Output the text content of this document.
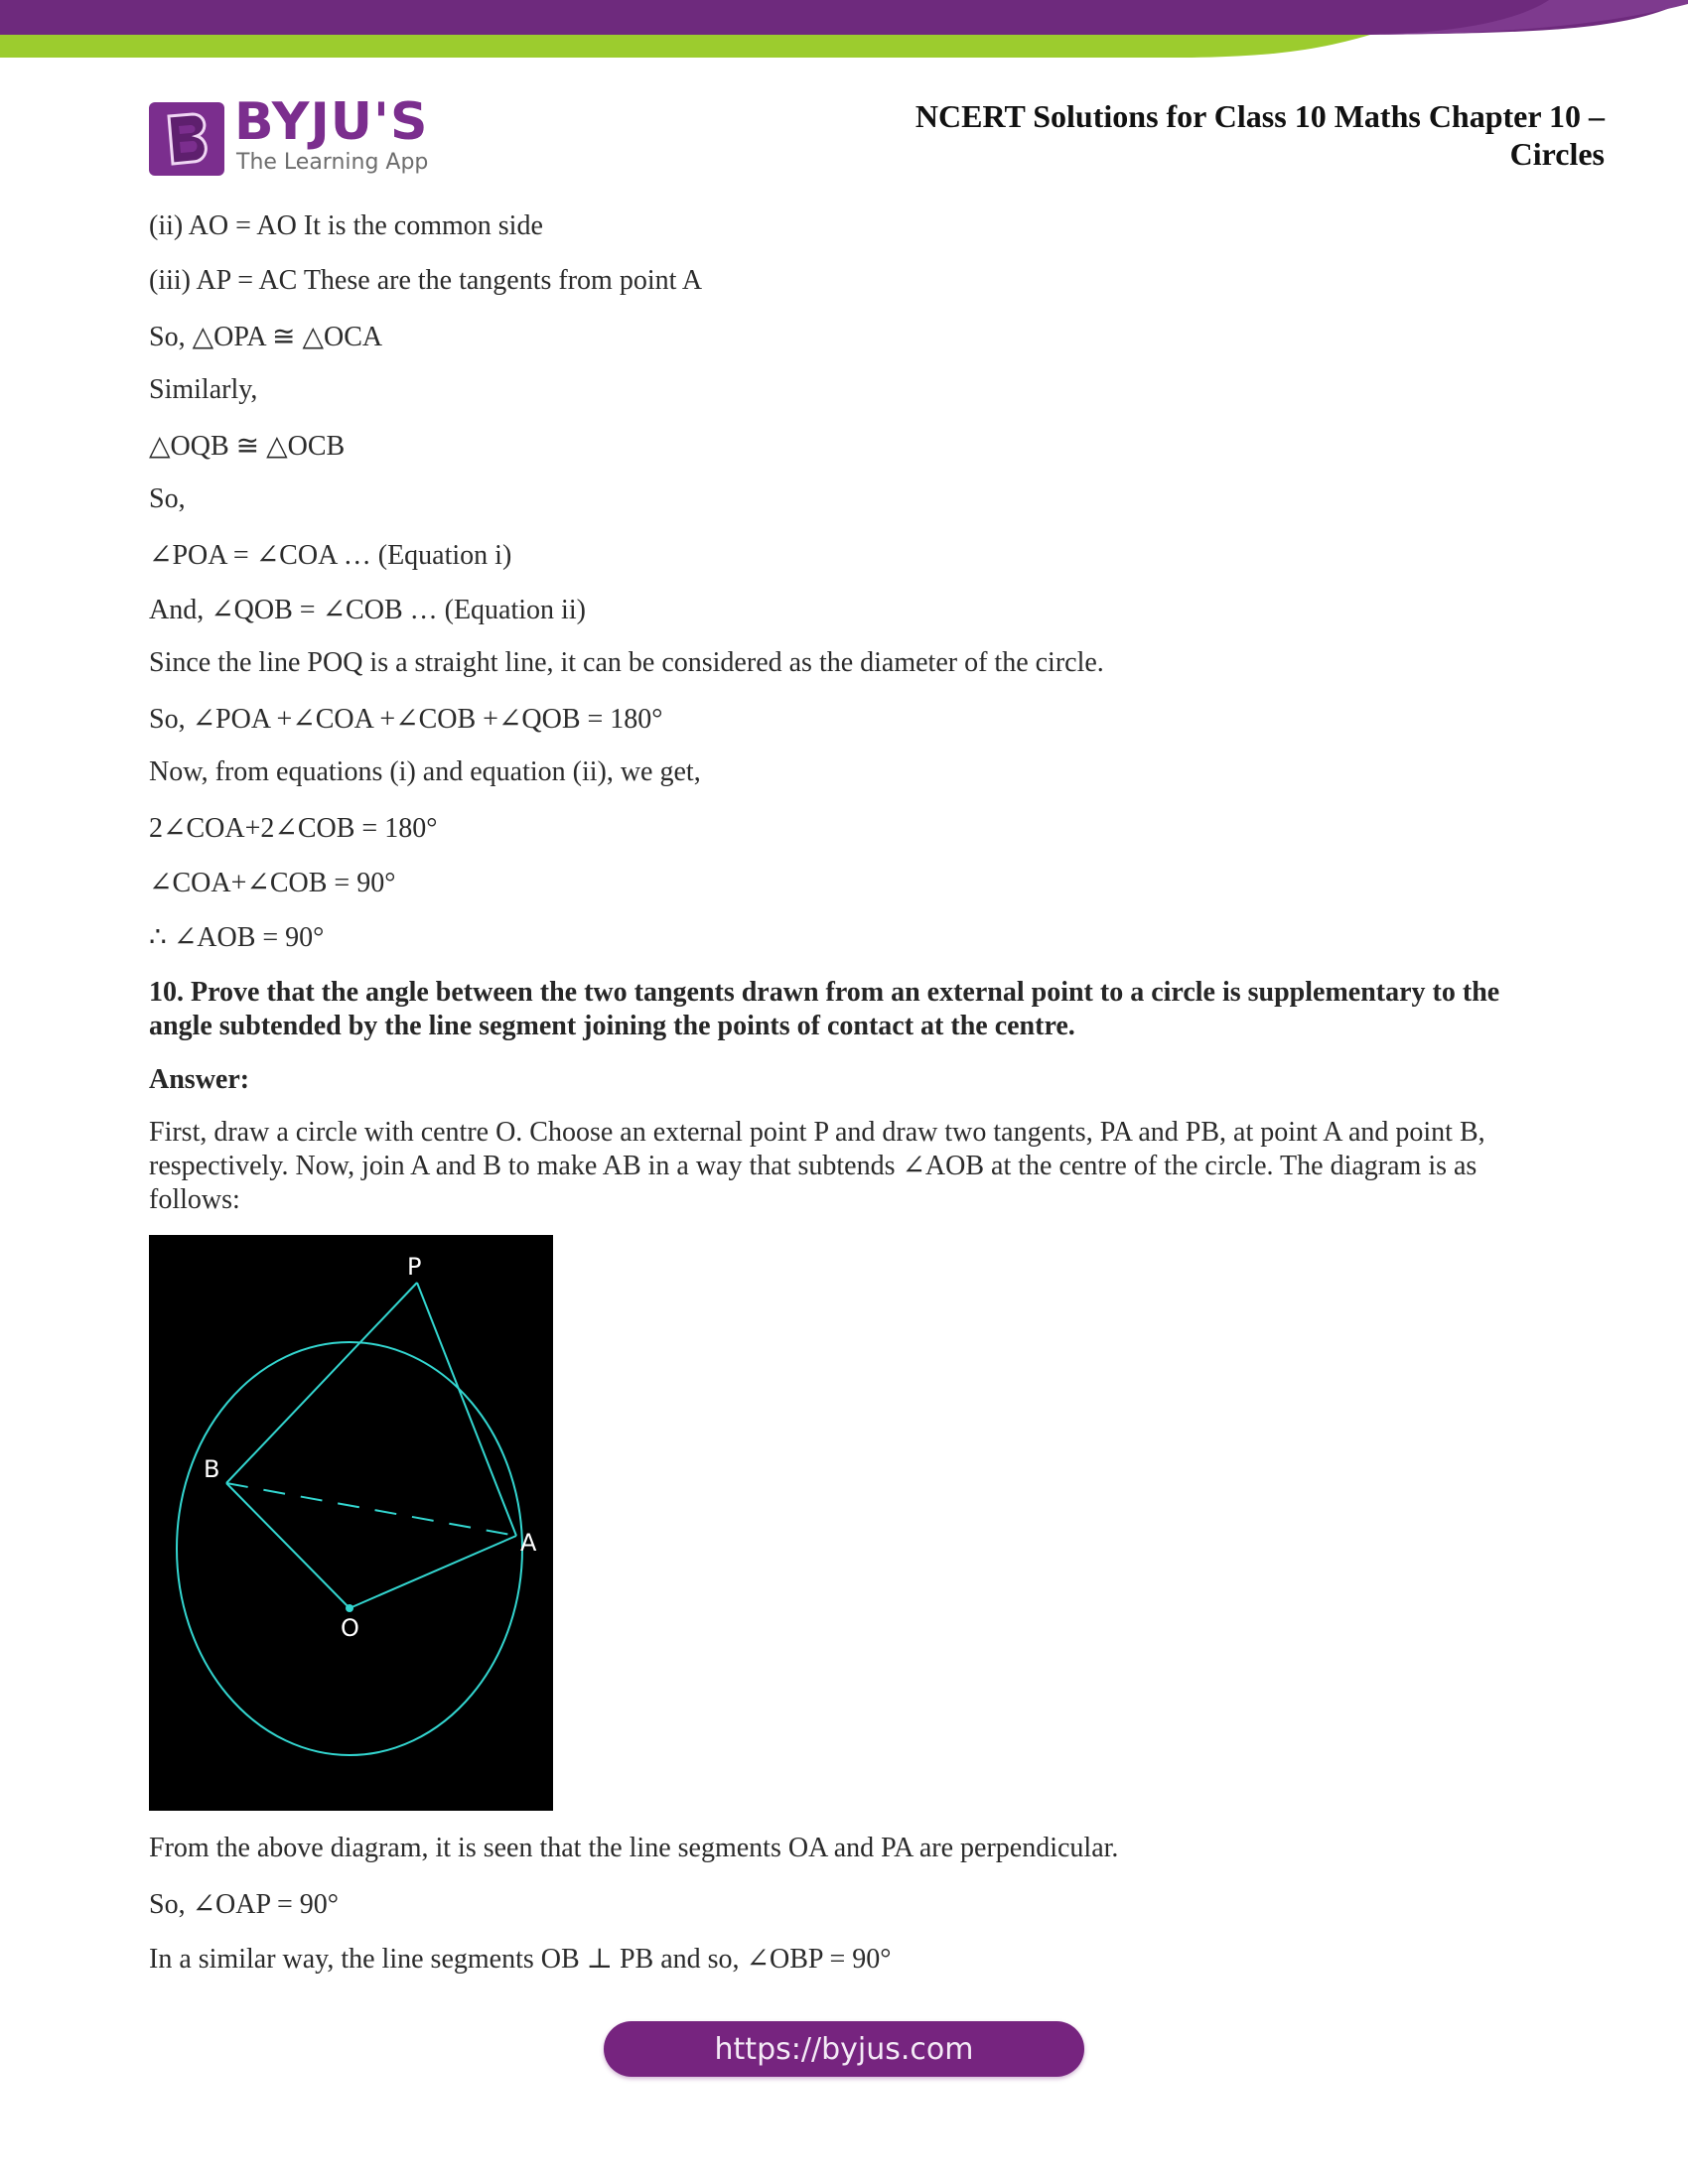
BYJU'S
The Learning App
NCERT Solutions for Class 10 Maths Chapter 10 –
Circles
(ii) AO = AO It is the common side
(iii) AP = AC These are the tangents from point A
So, △OPA ≅ △OCA
Similarly,
△OQB ≅ △OCB
So,
∠POA = ∠COA … (Equation i)
And, ∠QOB = ∠COB … (Equation ii)
Since the line POQ is a straight line, it can be considered as the diameter of the circle.
So, ∠POA +∠COA +∠COB +∠QOB = 180°
Now, from equations (i) and equation (ii), we get,
2∠COA+2∠COB = 180°
∠COA+∠COB = 90°
∴ ∠AOB = 90°
10. Prove that the angle between the two tangents drawn from an external point to a circle is supplementary to the angle subtended by the line segment joining the points of contact at the centre.
Answer:
First, draw a circle with centre O. Choose an external point P and draw two tangents, PA and PB, at point A and point B, respectively. Now, join A and B to make AB in a way that subtends ∠AOB at the centre of the circle. The diagram is as follows:
From the above diagram, it is seen that the line segments OA and PA are perpendicular.
So, ∠OAP = 90°
In a similar way, the line segments OB ⊥ PB and so, ∠OBP = 90°
P
B
A
O
https://byjus.com
